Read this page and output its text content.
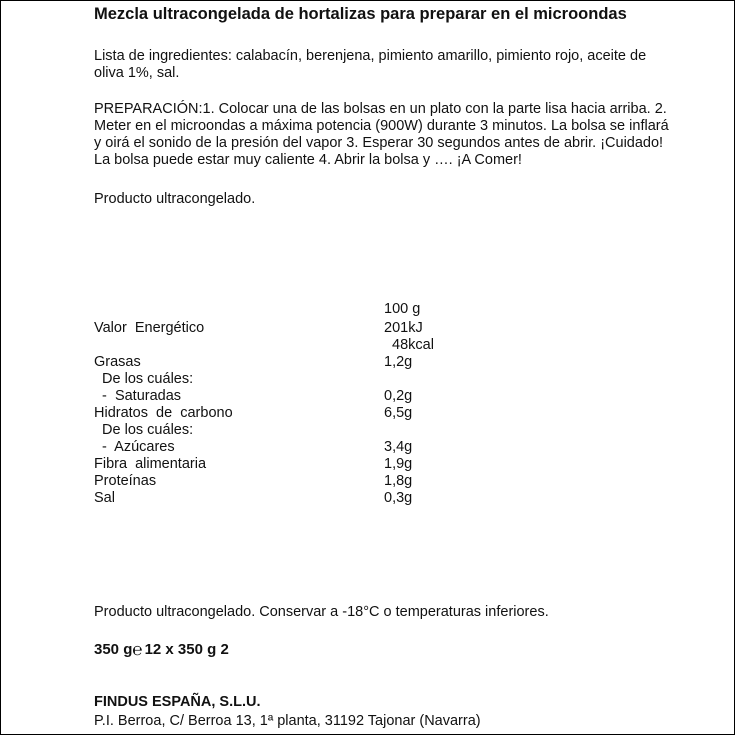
Mezcla ultracongelada de hortalizas para preparar en el microondas
Lista de ingredientes: calabacín, berenjena, pimiento amarillo, pimiento rojo, aceite de oliva 1%, sal.
PREPARACIÓN:1. Colocar una de las bolsas en un plato con la parte lisa hacia arriba. 2. Meter en el microondas a máxima potencia (900W) durante 3 minutos. La bolsa se inflará y oirá el sonido de la presión del vapor 3. Esperar 30 segundos antes de abrir. ¡Cuidado! La bolsa puede estar muy caliente 4. Abrir la bolsa y …. ¡A Comer!
Producto ultracongelado.
100 g
Valor  Energético	201kJ
48kcal
Grasas	1,2g
De los cuáles:
-  Saturadas	0,2g
Hidratos  de  carbono	6,5g
De los cuáles:
-  Azúcares	3,4g
Fibra  alimentaria	1,9g
Proteínas	1,8g
Sal	0,3g
Producto ultracongelado. Conservar a -18°C o temperaturas inferiores.
350 g ℮ 12 x 350 g 2
FINDUS ESPAÑA, S.L.U.
P.I. Berroa, C/ Berroa 13, 1ª planta, 31192 Tajonar (Navarra)
